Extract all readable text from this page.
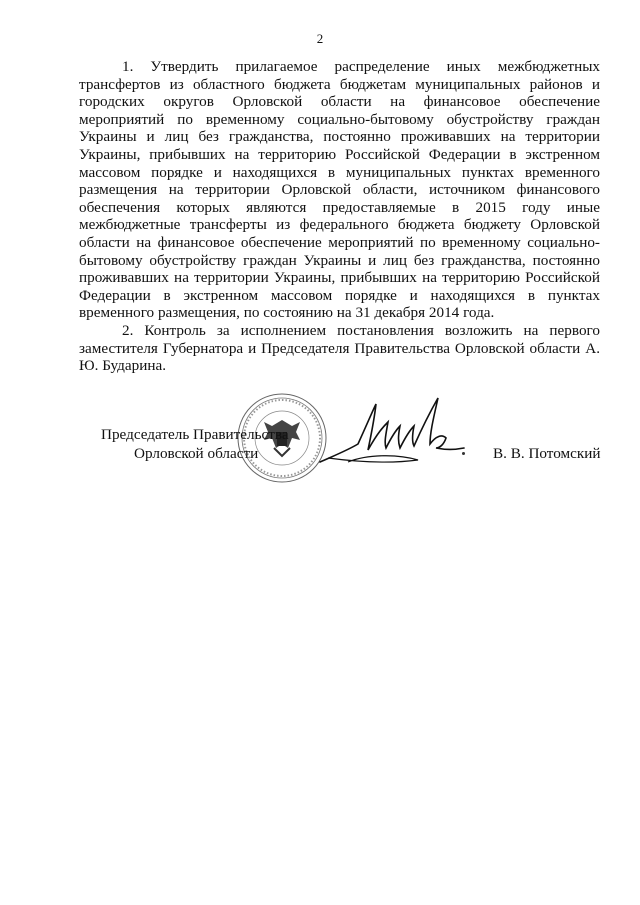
2

1. Утвердить прилагаемое распределение иных межбюджетных трансфертов из областного бюджета бюджетам муниципальных районов и городских округов Орловской области на финансовое обеспечение мероприятий по временному социально-бытовому обустройству граждан Украины и лиц без гражданства, постоянно проживавших на территории Украины, прибывших на территорию Российской Федерации в экстренном массовом порядке и находящихся в муниципальных пунктах временного размещения на территории Орловской области, источником финансового обеспечения которых являются предоставляемые в 2015 году иные межбюджетные трансферты из федерального бюджета бюджету Орловской области на финансовое обеспечение мероприятий по временному социально-бытовому обустройству граждан Украины и лиц без гражданства, постоянно проживавших на территории Украины, прибывших на территорию Российской Федерации в экстренном массовом порядке и находящихся в пунктах временного размещения, по состоянию на 31 декабря 2014 года.

2. Контроль за исполнением постановления возложить на первого заместителя Губернатора и Председателя Правительства Орловской области А. Ю. Бударина.

Председатель Правительства
Орловской области	В. В. Потомский
